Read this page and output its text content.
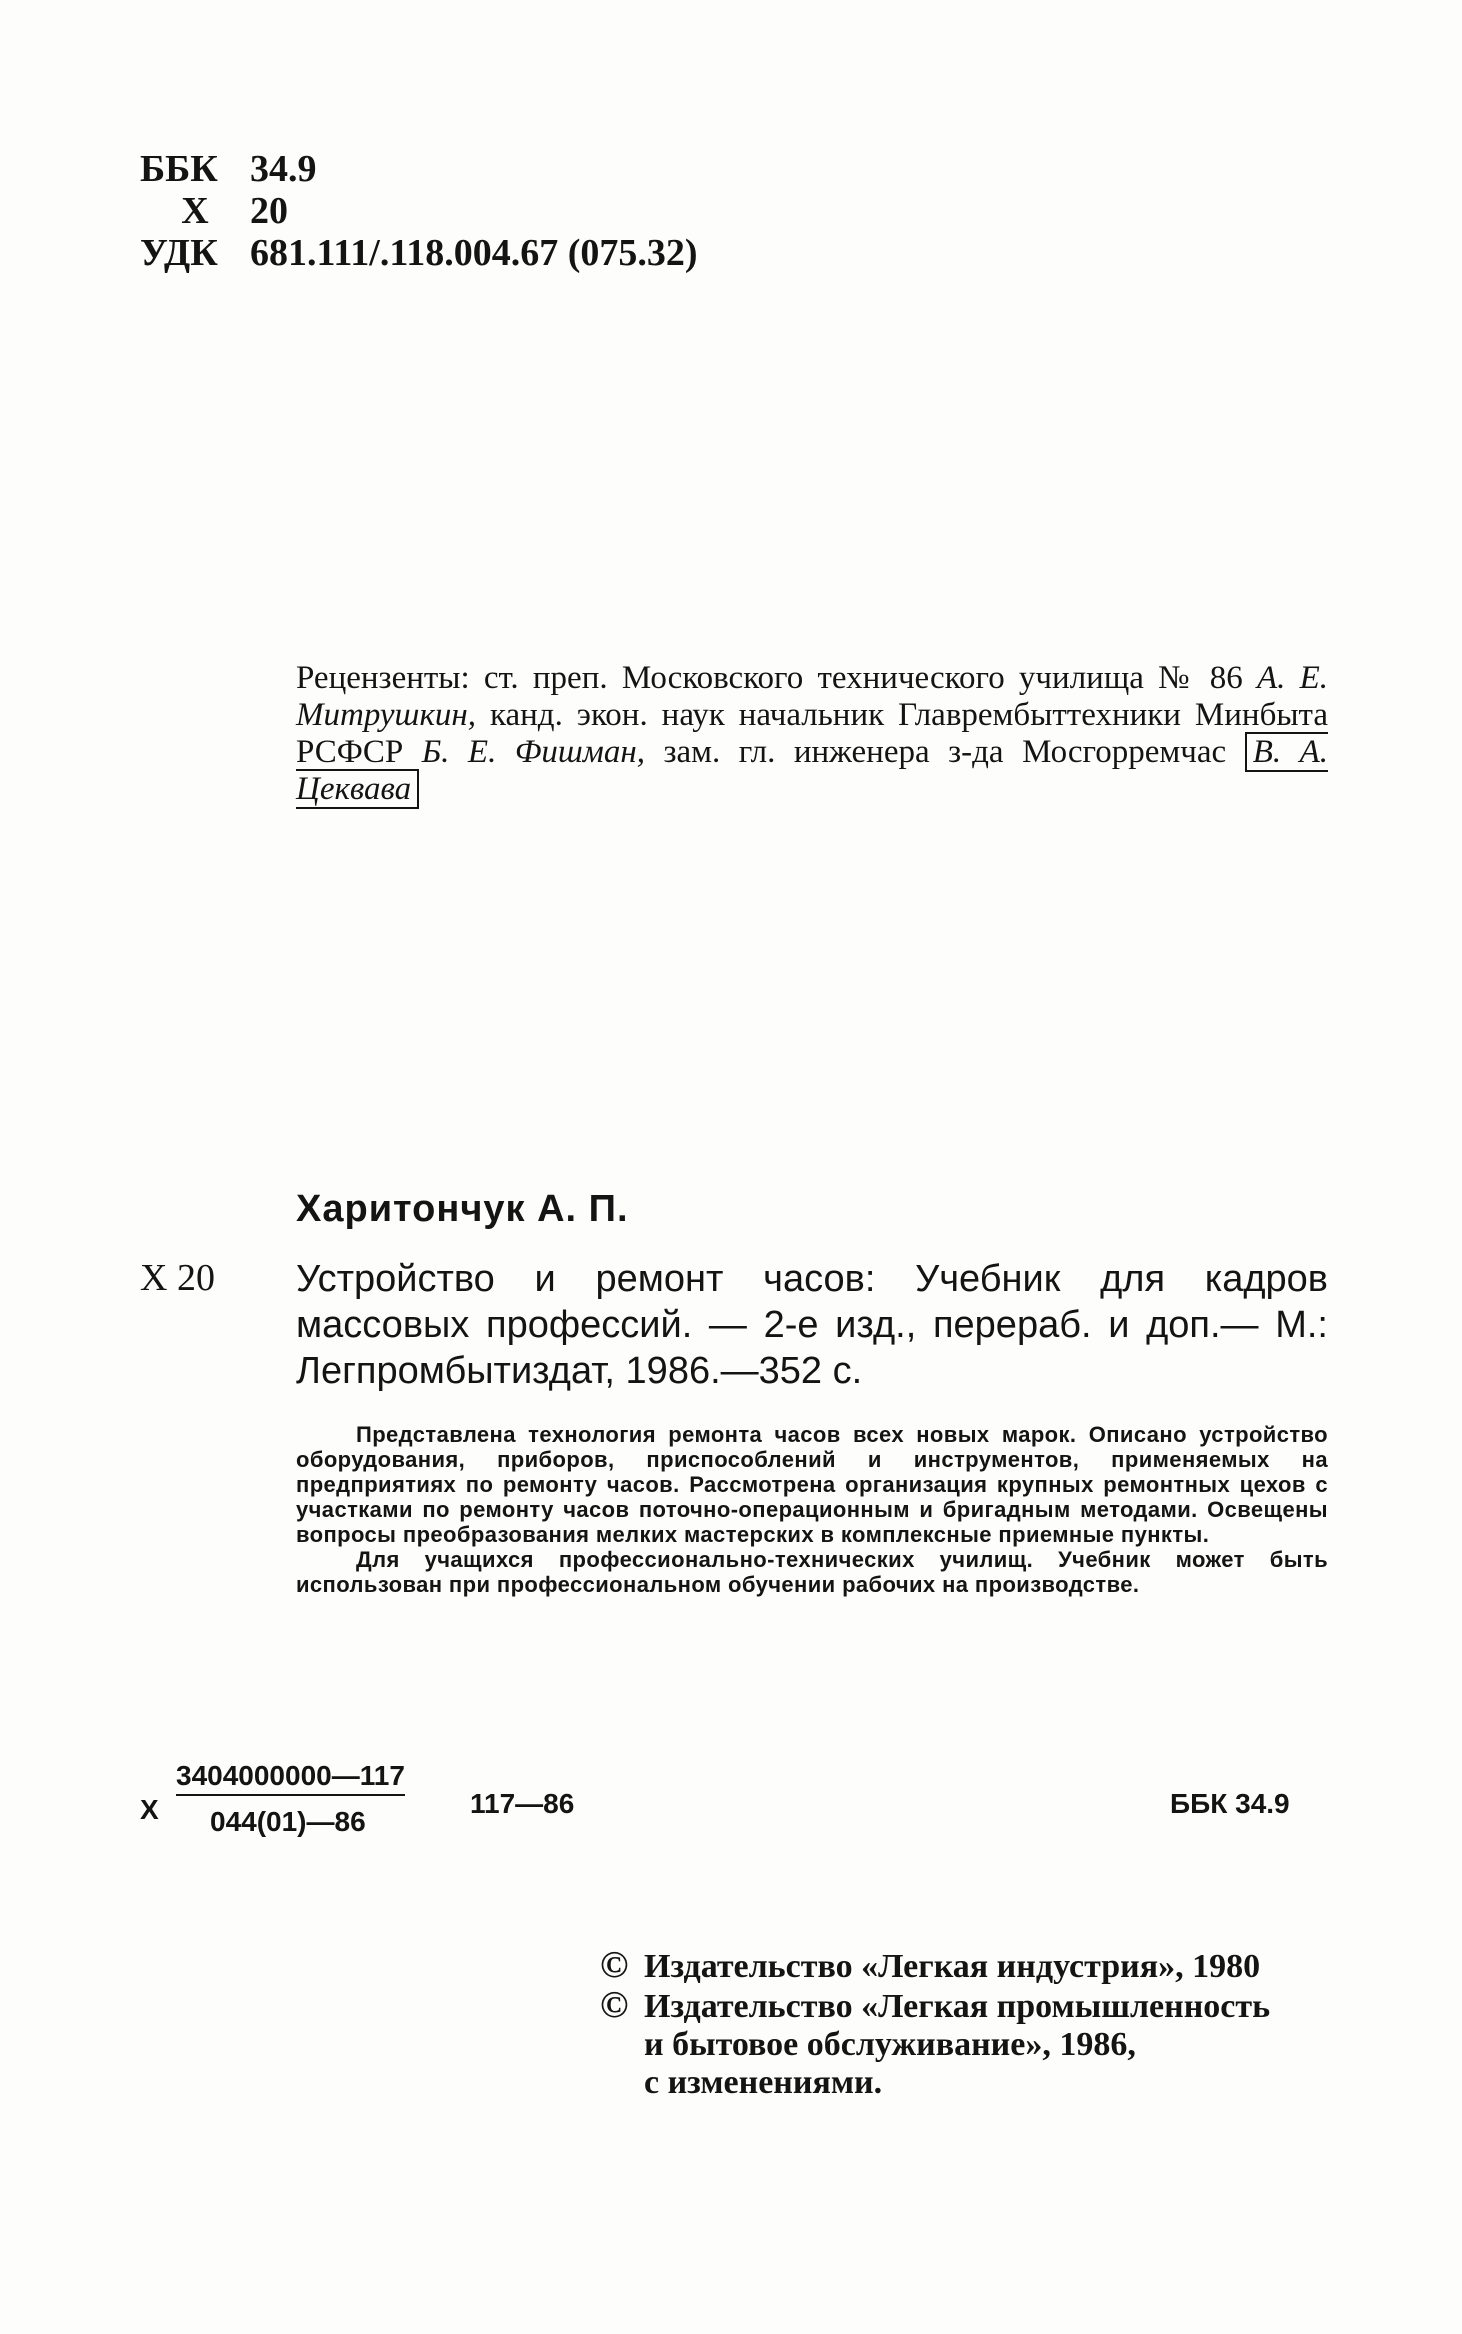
ББК 34.9
Х	20
УДК 681.111/.118.004.67 (075.32)
Рецензенты: ст. преп. Московского технического училища № 86 А. Е. Митрушкин, канд. экон. наук начальник Главрембыттехники Минбыта РСФСР Б. Е. Фишман, зам. гл. инженера з-да Мосгорремчас В. А. Цеквава
Харитончук А. П.
Х 20 Устройство и ремонт часов: Учебник для кадров массовых профессий. — 2-е изд., перераб. и доп.— М.: Легпромбытиздат, 1986.—352 с.

Представлена технология ремонта часов всех новых марок. Описано устройство оборудования, приборов, приспособлений и инструментов, применяемых на предприятиях по ремонту часов. Рассмотрена организация крупных ремонтных цехов с участками по ремонту часов поточно-операционным и бригадным методами. Освещены вопросы преобразования мелких мастерских в комплексные приемные пункты.

Для учащихся профессионально-технических училищ. Учебник может быть использован при профессиональном обучении рабочих на производстве.

Х
3404000000—117
044(01)—86
117—86	ББК 34.9
© Издательство «Легкая индустрия», 1980
© Издательство «Легкая промышленность
и бытовое обслуживание», 1986,
с изменениями.
